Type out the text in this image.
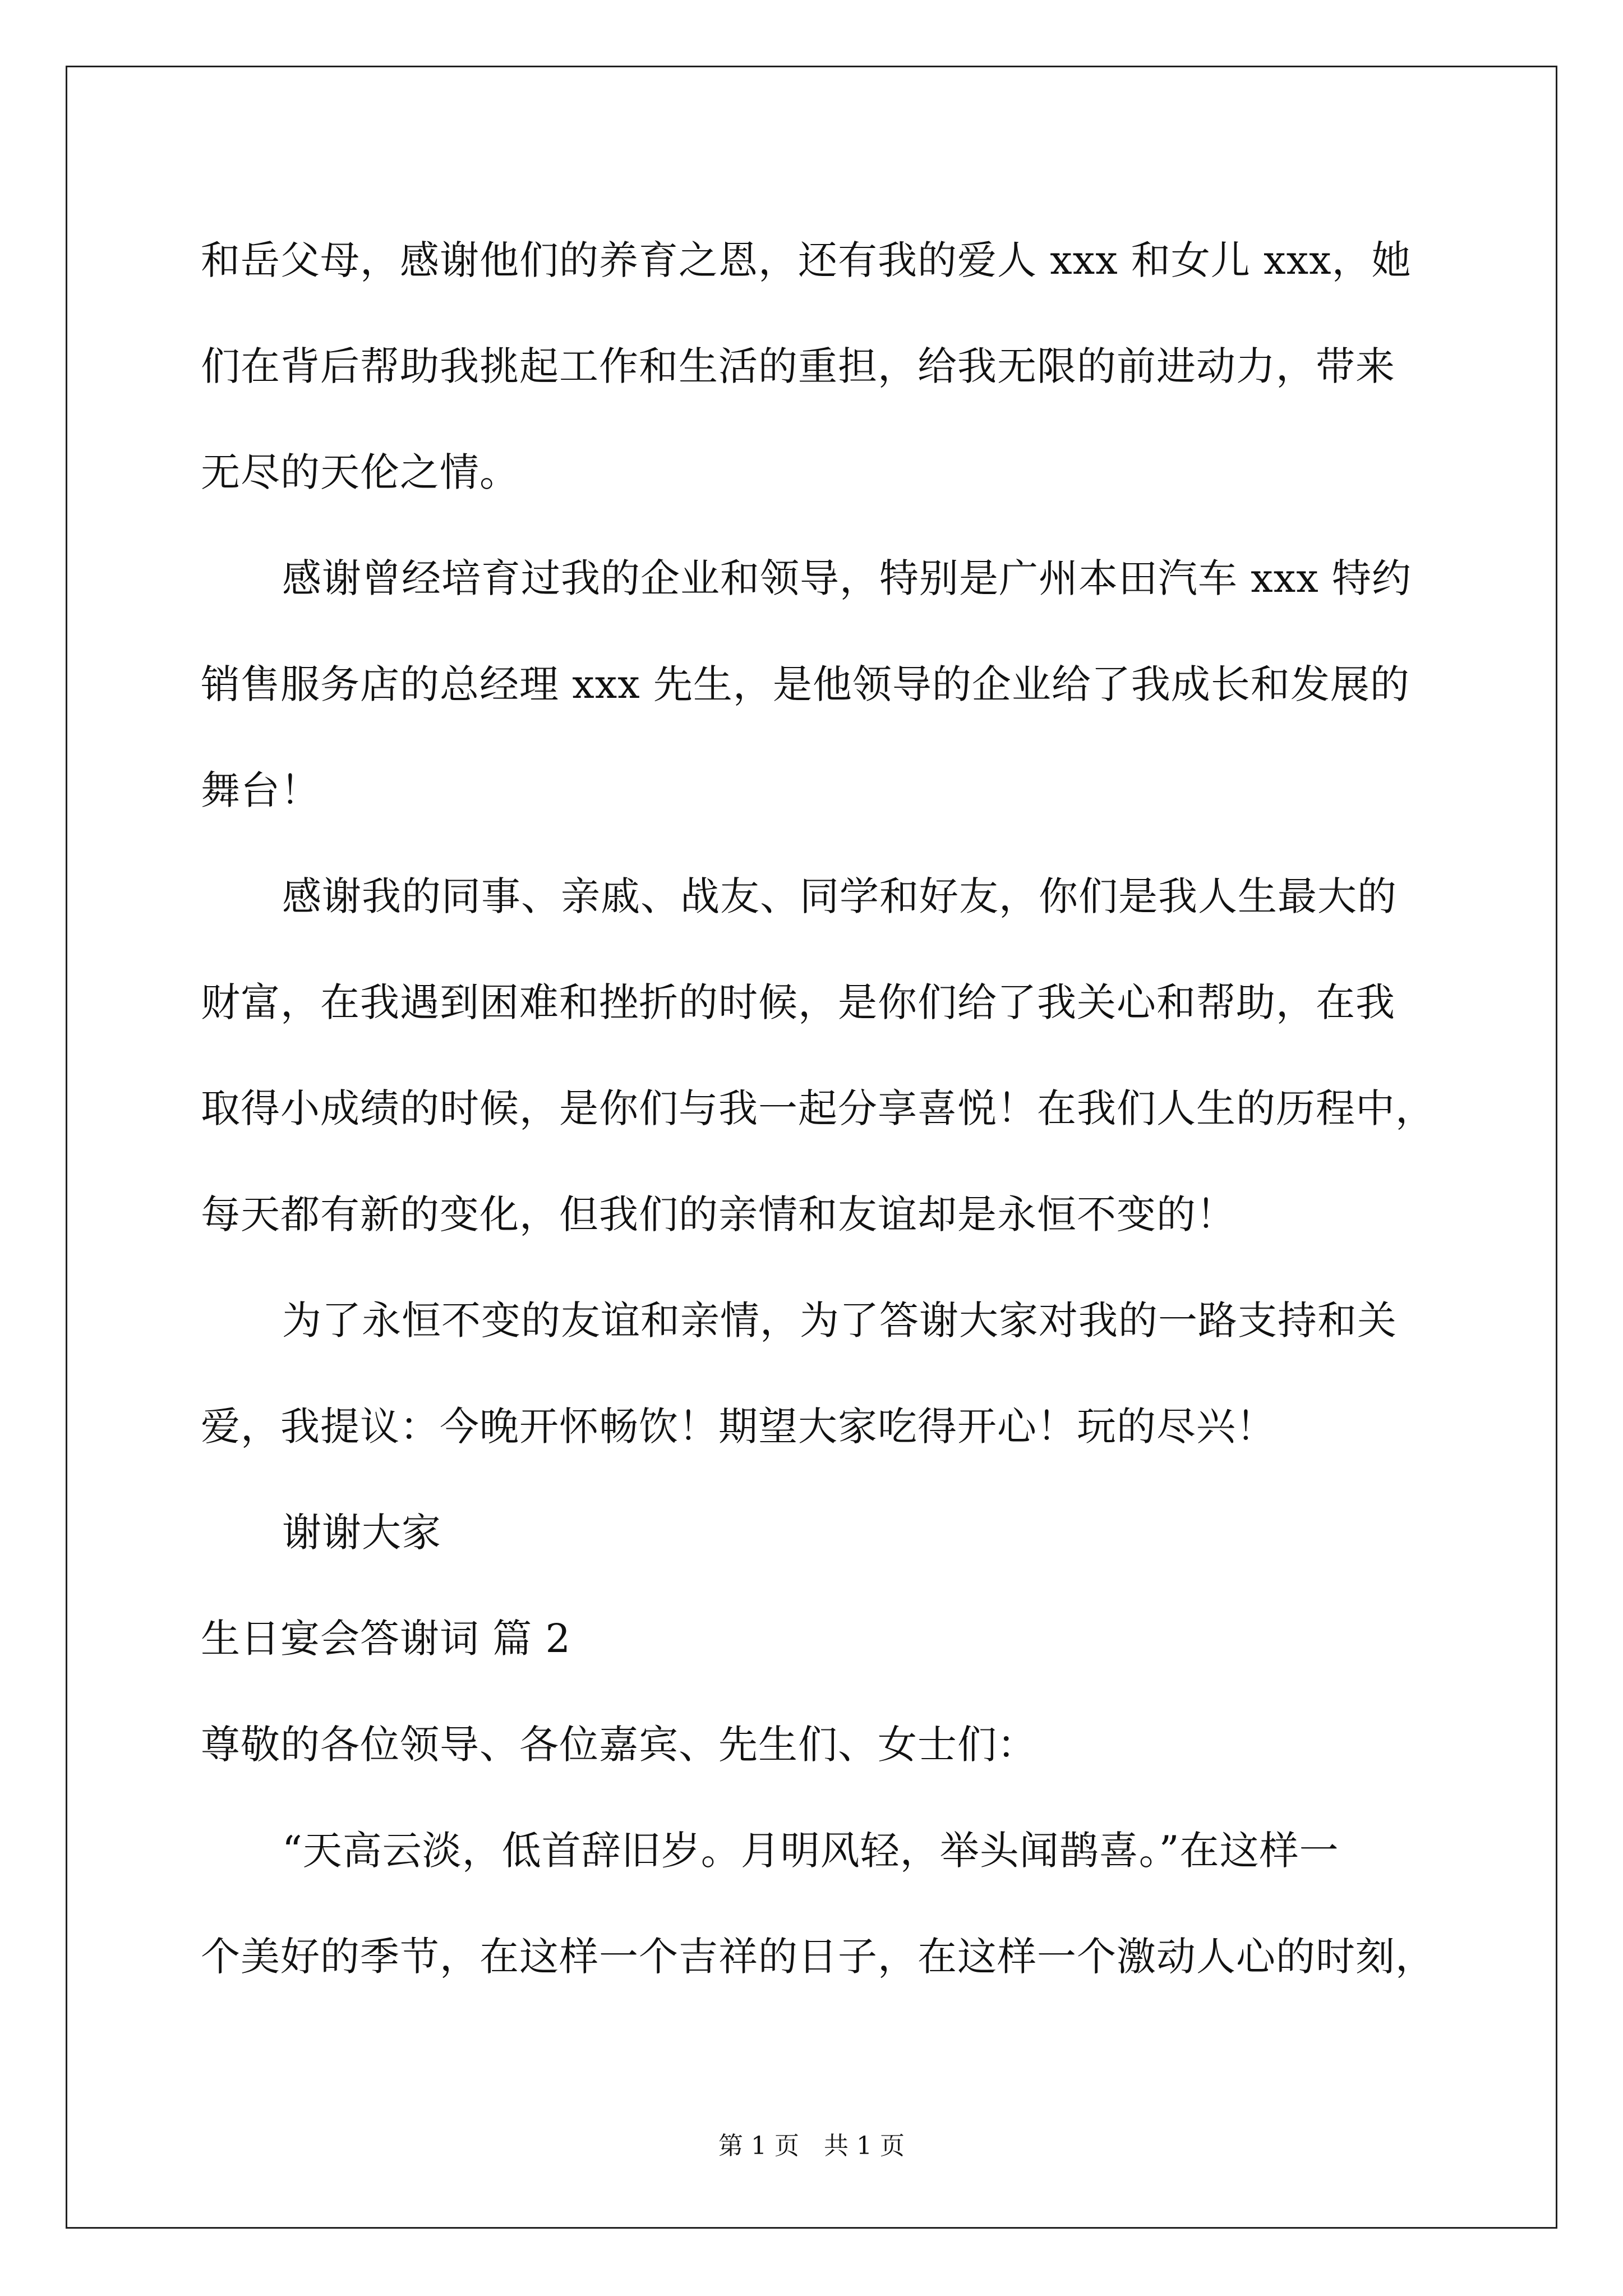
和岳父母，感谢他们的养育之恩，还有我的爱人 xxx 和女儿 xxx，她
们在背后帮助我挑起工作和生活的重担，给我无限的前进动力，带来
无尽的天伦之情。
感谢曾经培育过我的企业和领导，特别是广州本田汽车 xxx 特约
销售服务店的总经理 xxx 先生，是他领导的企业给了我成长和发展的
舞台！
感谢我的同事、亲戚、战友、同学和好友，你们是我人生最大的
财富，在我遇到困难和挫折的时候，是你们给了我关心和帮助，在我
取得小成绩的时候，是你们与我一起分享喜悦！在我们人生的历程中，
每天都有新的变化，但我们的亲情和友谊却是永恒不变的！
为了永恒不变的友谊和亲情，为了答谢大家对我的一路支持和关
爱，我提议：今晚开怀畅饮！期望大家吃得开心！玩的尽兴！
谢谢大家
生日宴会答谢词 篇 2
尊敬的各位领导、各位嘉宾、先生们、女士们：
“天高云淡，低首辞旧岁。月明风轻，举头闻鹊喜。”在这样一
个美好的季节，在这样一个吉祥的日子，在这样一个激动人心的时刻，
第 1 页 共 1 页
